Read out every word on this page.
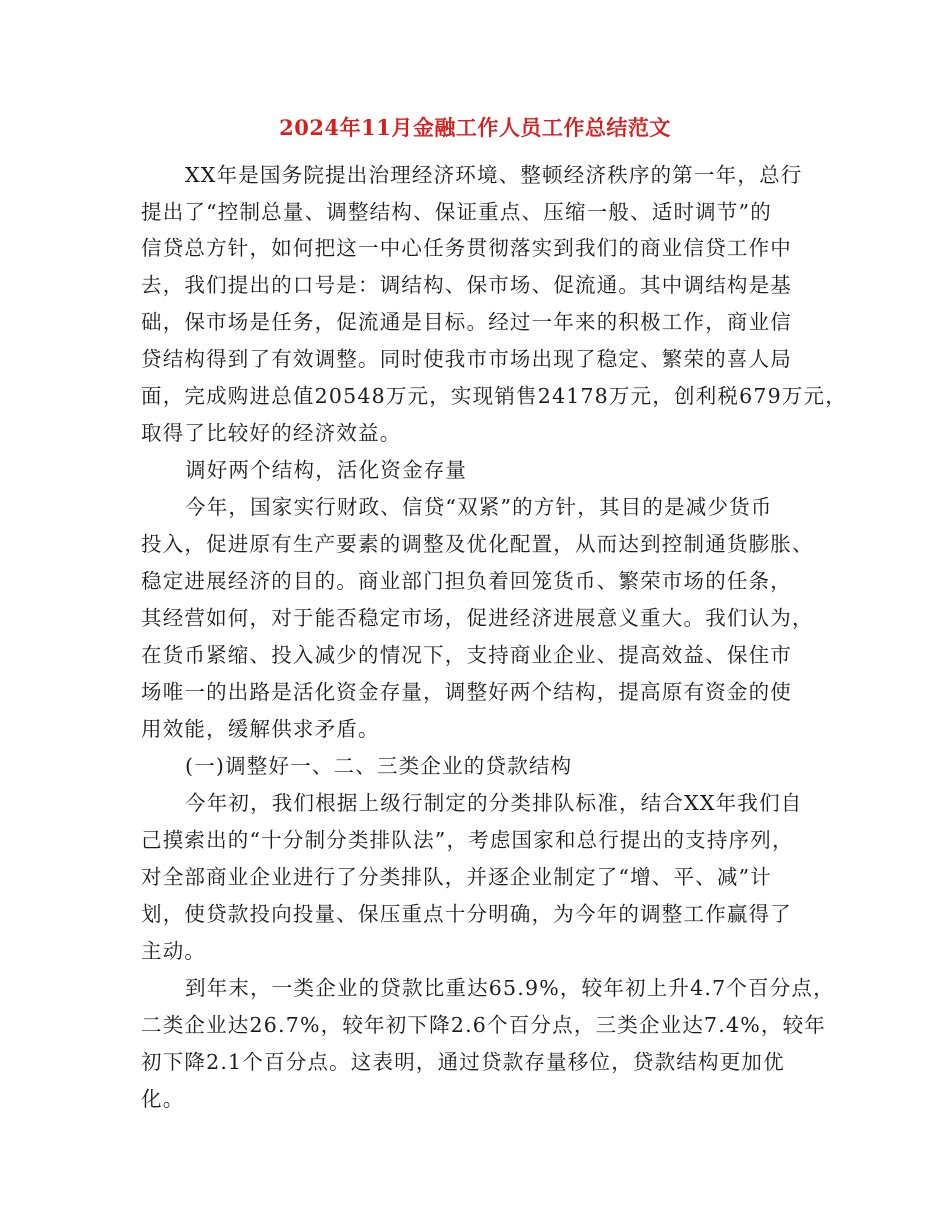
2024年11月金融工作人员工作总结范文
XX年是国务院提出治理经济环境、整顿经济秩序的第一年，总行
提出了“控制总量、调整结构、保证重点、压缩一般、适时调节”的
信贷总方针，如何把这一中心任务贯彻落实到我们的商业信贷工作中
去，我们提出的口号是：调结构、保市场、促流通。其中调结构是基
础，保市场是任务，促流通是目标。经过一年来的积极工作，商业信
贷结构得到了有效调整。同时使我市市场出现了稳定、繁荣的喜人局
面，完成购进总值20548万元，实现销售24178万元，创利税679万元，
取得了比较好的经济效益。
调好两个结构，活化资金存量
今年，国家实行财政、信贷“双紧”的方针，其目的是减少货币
投入，促进原有生产要素的调整及优化配置，从而达到控制通货膨胀、
稳定进展经济的目的。商业部门担负着回笼货币、繁荣市场的任条，
其经营如何，对于能否稳定市场，促进经济进展意义重大。我们认为，
在货币紧缩、投入减少的情况下，支持商业企业、提高效益、保住市
场唯一的出路是活化资金存量，调整好两个结构，提高原有资金的使
用效能，缓解供求矛盾。
(一)调整好一、二、三类企业的贷款结构
今年初，我们根据上级行制定的分类排队标准，结合XX年我们自
己摸索出的“十分制分类排队法”，考虑国家和总行提出的支持序列，
对全部商业企业进行了分类排队，并逐企业制定了“增、平、减”计
划，使贷款投向投量、保压重点十分明确，为今年的调整工作赢得了
主动。
到年末，一类企业的贷款比重达65.9%，较年初上升4.7个百分点，
二类企业达26.7%，较年初下降2.6个百分点，三类企业达7.4%，较年
初下降2.1个百分点。这表明，通过贷款存量移位，贷款结构更加优
化。
